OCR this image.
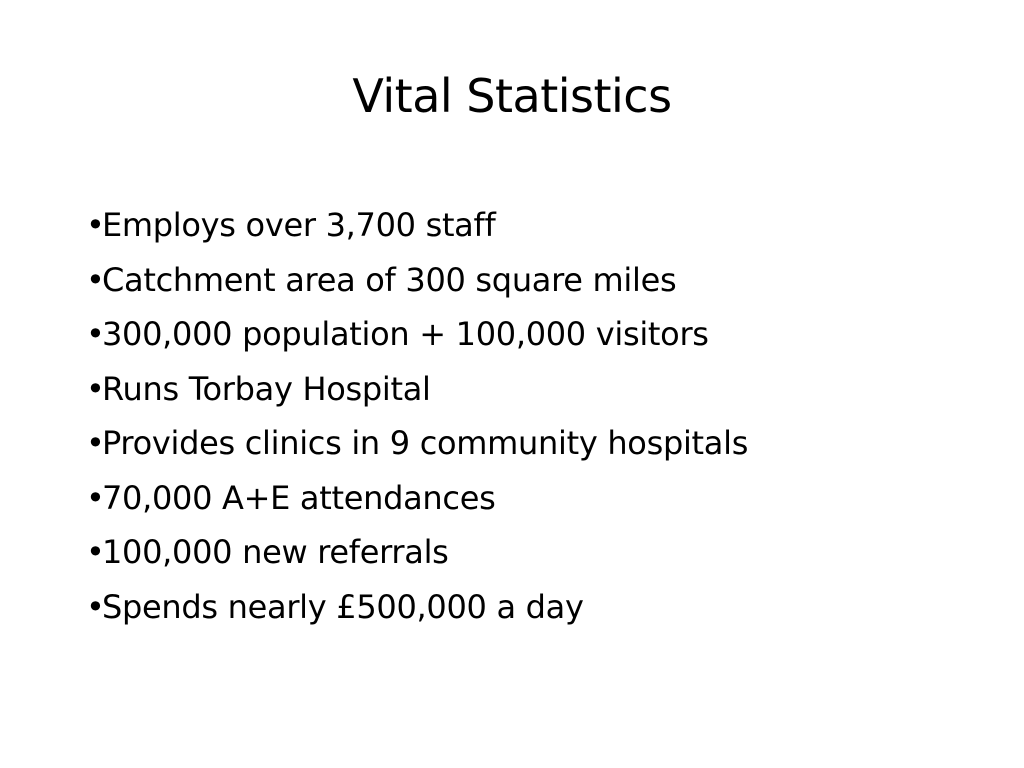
Vital Statistics
•Employs over 3,700 staff
•Catchment area of 300 square miles
•300,000 population + 100,000 visitors
•Runs Torbay Hospital
•Provides clinics in 9 community hospitals
•70,000 A+E attendances
•100,000 new referrals
•Spends nearly £500,000 a day
